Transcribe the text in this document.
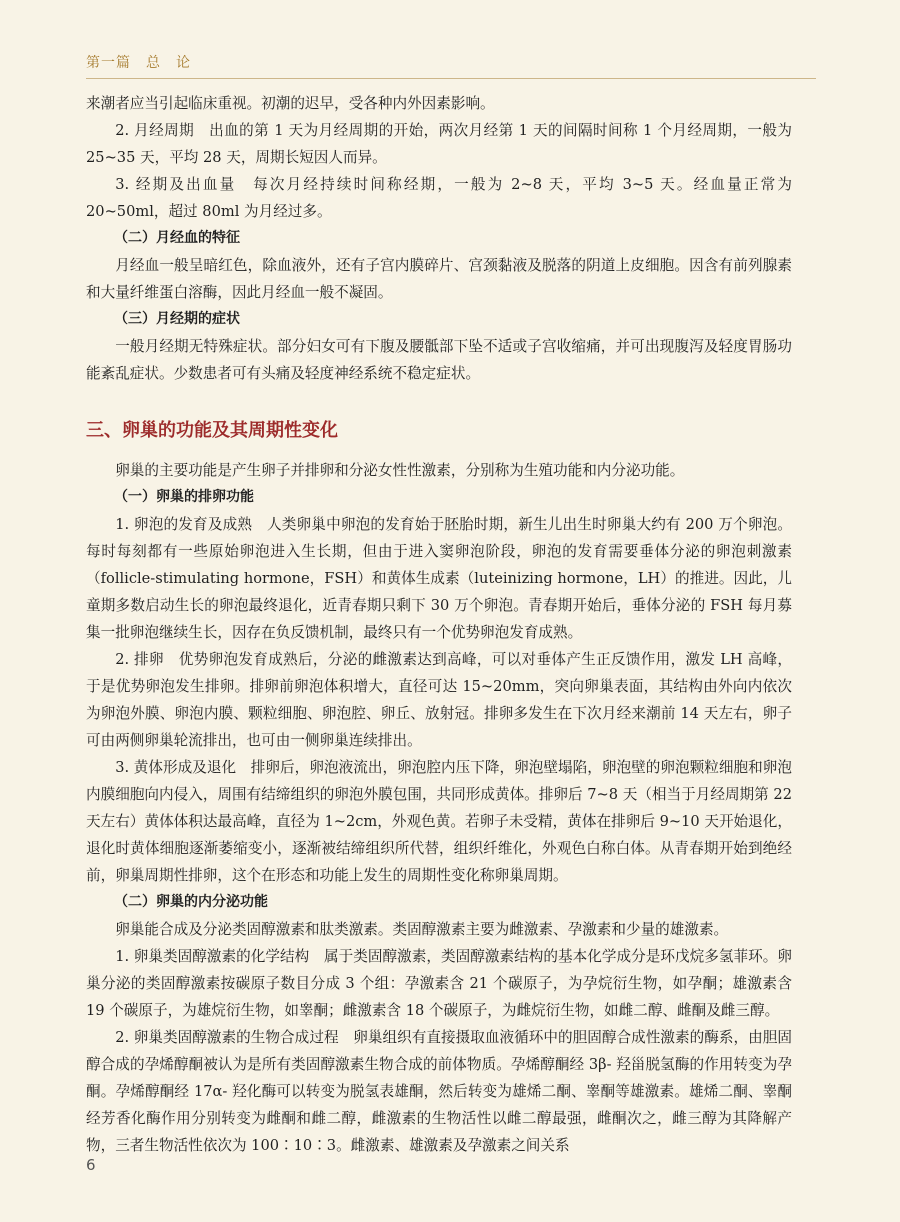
第一篇　总　论

来潮者应当引起临床重视。初潮的迟早，受各种内外因素影响。

2. 月经周期　出血的第 1 天为月经周期的开始，两次月经第 1 天的间隔时间称 1 个月经周期，一般为 25~35 天，平均 28 天，周期长短因人而异。

3. 经期及出血量　每次月经持续时间称经期，一般为 2~8 天，平均 3~5 天。经血量正常为 20~50ml，超过 80ml 为月经过多。

（二）月经血的特征

月经血一般呈暗红色，除血液外，还有子宫内膜碎片、宫颈黏液及脱落的阴道上皮细胞。因含有前列腺素和大量纤维蛋白溶酶，因此月经血一般不凝固。

（三）月经期的症状

一般月经期无特殊症状。部分妇女可有下腹及腰骶部下坠不适或子宫收缩痛，并可出现腹泻及轻度胃肠功能紊乱症状。少数患者可有头痛及轻度神经系统不稳定症状。

三、卵巢的功能及其周期性变化

卵巢的主要功能是产生卵子并排卵和分泌女性性激素，分别称为生殖功能和内分泌功能。

（一）卵巢的排卵功能

1. 卵泡的发育及成熟　人类卵巢中卵泡的发育始于胚胎时期，新生儿出生时卵巢大约有 200 万个卵泡。每时每刻都有一些原始卵泡进入生长期，但由于进入窦卵泡阶段，卵泡的发育需要垂体分泌的卵泡刺激素（follicle-stimulating hormone，FSH）和黄体生成素（luteinizing hormone，LH）的推进。因此，儿童期多数启动生长的卵泡最终退化，近青春期只剩下 30 万个卵泡。青春期开始后，垂体分泌的 FSH 每月募集一批卵泡继续生长，因存在负反馈机制，最终只有一个优势卵泡发育成熟。

2. 排卵　优势卵泡发育成熟后，分泌的雌激素达到高峰，可以对垂体产生正反馈作用，激发 LH 高峰，于是优势卵泡发生排卵。排卵前卵泡体积增大，直径可达 15~20mm，突向卵巢表面，其结构由外向内依次为卵泡外膜、卵泡内膜、颗粒细胞、卵泡腔、卵丘、放射冠。排卵多发生在下次月经来潮前 14 天左右，卵子可由两侧卵巢轮流排出，也可由一侧卵巢连续排出。

3. 黄体形成及退化　排卵后，卵泡液流出，卵泡腔内压下降，卵泡壁塌陷，卵泡壁的卵泡颗粒细胞和卵泡内膜细胞向内侵入，周围有结缔组织的卵泡外膜包围，共同形成黄体。排卵后 7~8 天（相当于月经周期第 22 天左右）黄体体积达最高峰，直径为 1~2cm，外观色黄。若卵子未受精，黄体在排卵后 9~10 天开始退化，退化时黄体细胞逐渐萎缩变小，逐渐被结缔组织所代替，组织纤维化，外观色白称白体。从青春期开始到绝经前，卵巢周期性排卵，这个在形态和功能上发生的周期性变化称卵巢周期。

（二）卵巢的内分泌功能

卵巢能合成及分泌类固醇激素和肽类激素。类固醇激素主要为雌激素、孕激素和少量的雄激素。

1. 卵巢类固醇激素的化学结构　属于类固醇激素，类固醇激素结构的基本化学成分是环戊烷多氢菲环。卵巢分泌的类固醇激素按碳原子数目分成 3 个组：孕激素含 21 个碳原子，为孕烷衍生物，如孕酮；雄激素含 19 个碳原子，为雄烷衍生物，如睾酮；雌激素含 18 个碳原子，为雌烷衍生物，如雌二醇、雌酮及雌三醇。

2. 卵巢类固醇激素的生物合成过程　卵巢组织有直接摄取血液循环中的胆固醇合成性激素的酶系，由胆固醇合成的孕烯醇酮被认为是所有类固醇激素生物合成的前体物质。孕烯醇酮经 3β- 羟甾脱氢酶的作用转变为孕酮。孕烯醇酮经 17α- 羟化酶可以转变为脱氢表雄酮，然后转变为雄烯二酮、睾酮等雄激素。雄烯二酮、睾酮经芳香化酶作用分别转变为雌酮和雌二醇，雌激素的生物活性以雌二醇最强，雌酮次之，雌三醇为其降解产物，三者生物活性依次为 100∶10∶3。雌激素、雄激素及孕激素之间关系

6
